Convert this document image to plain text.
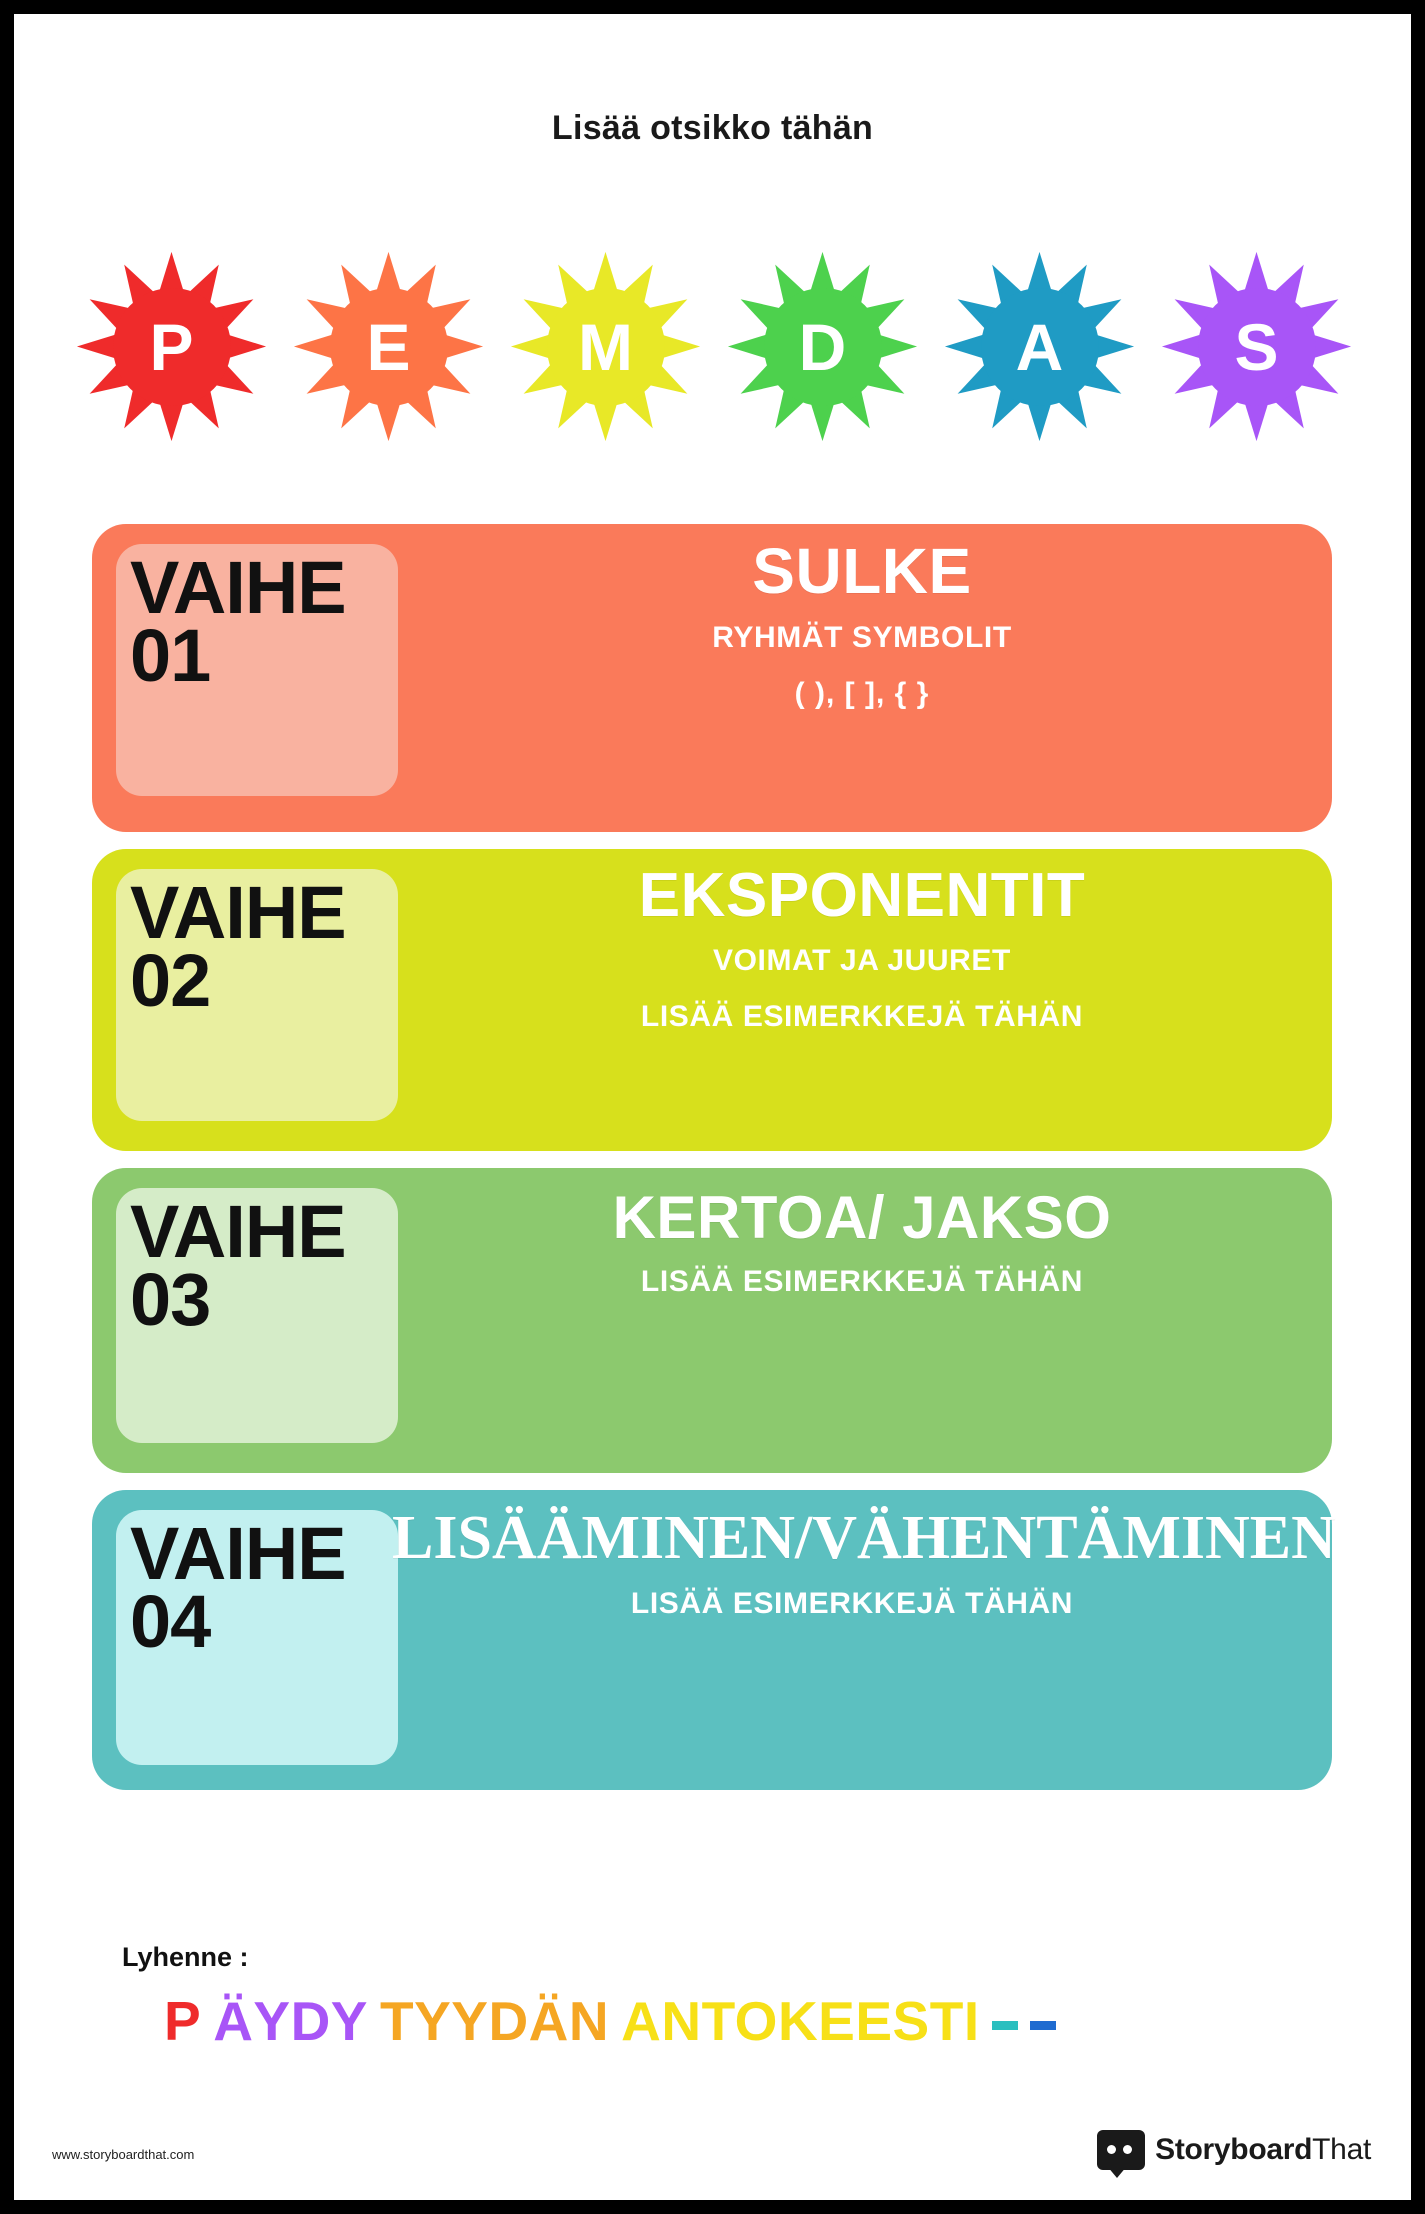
Lisää otsikko tähän
P	E	M	D	A	S
VAIHE 01
SULKE
RYHMÄT SYMBOLIT
( ), [ ], { }
VAIHE 02
EKSPONENTIT
VOIMAT JA JUURET
LISÄÄ ESIMERKKEJÄ TÄHÄN
VAIHE 03
KERTOA/ JAKSO
LISÄÄ ESIMERKKEJÄ TÄHÄN
VAIHE 04
LISÄÄMINEN/VÄHENTÄMINEN
LISÄÄ ESIMERKKEJÄ TÄHÄN
Lyhenne :
P ÄYDY TYYDÄN ANTOKEESTI
www.storyboardthat.com	StoryboardThat
